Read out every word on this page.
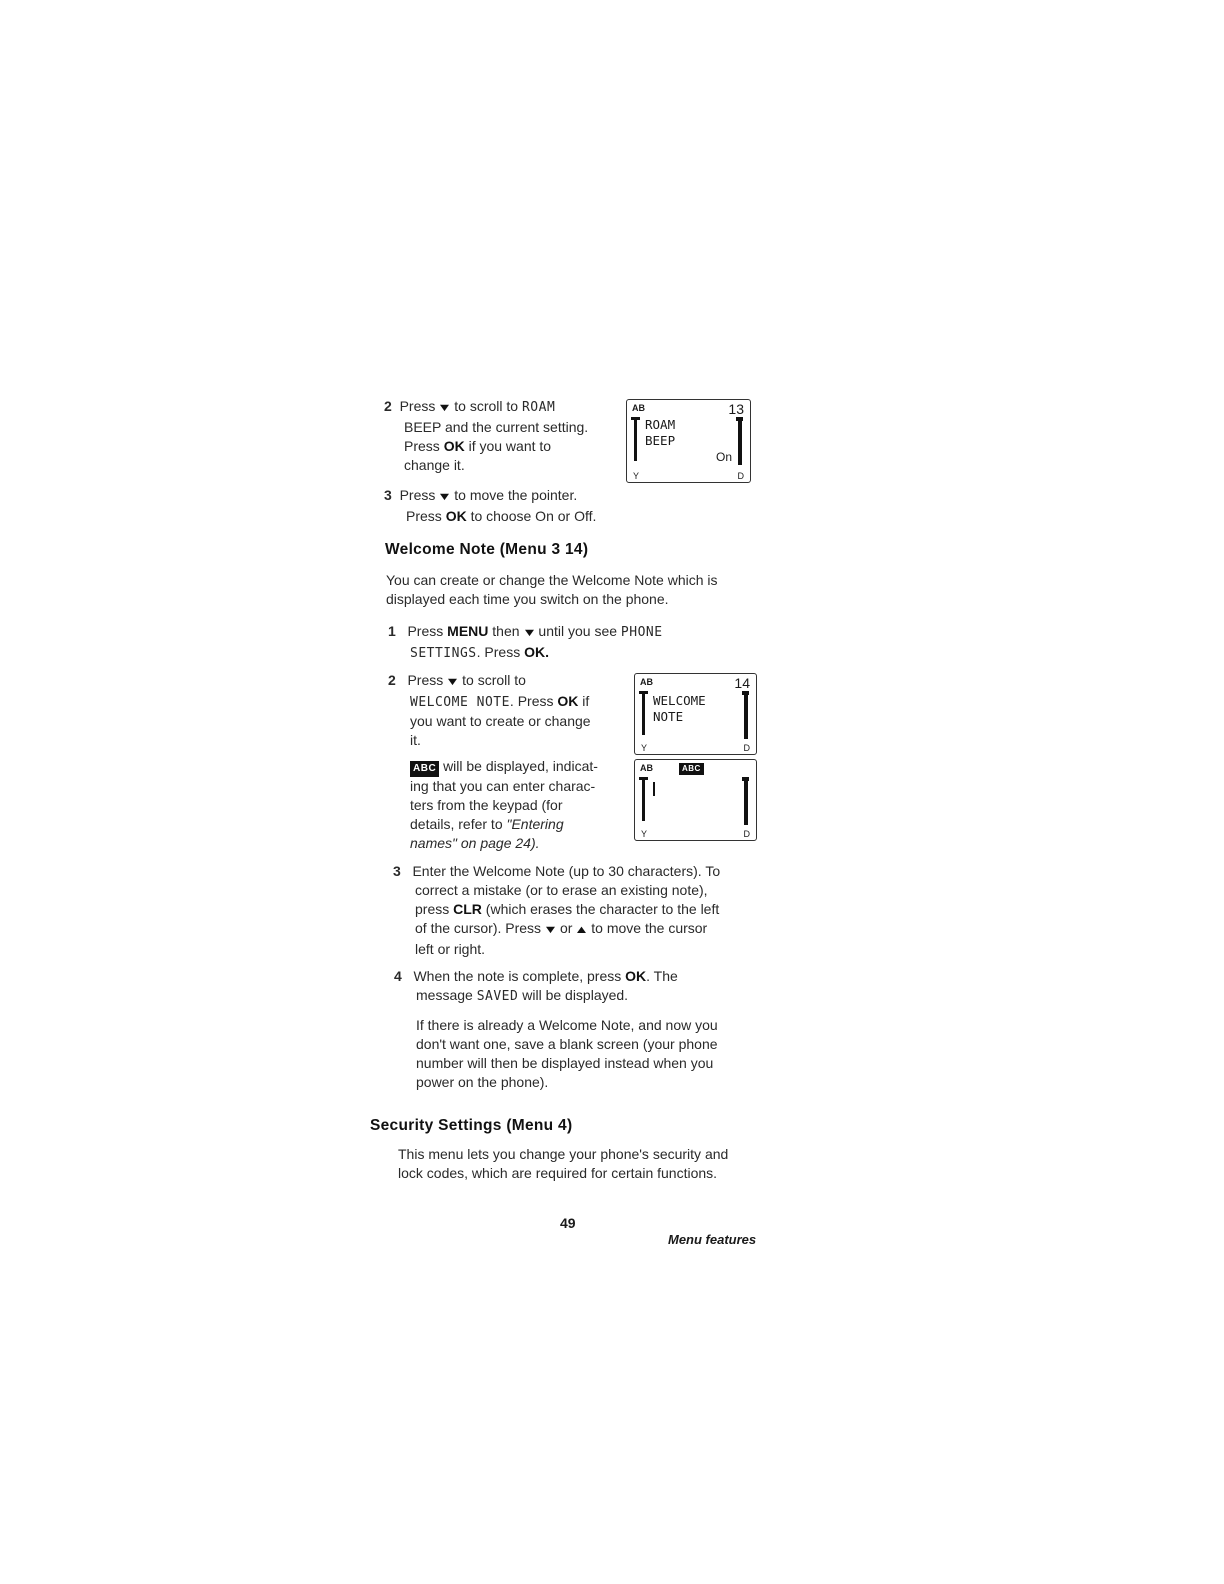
2 Press ▼ to scroll to ROAM
BEEP and the current setting.
Press OK if you want to
change it.
AB	13
ROAM
BEEP
On
Y	D
3 Press ▼ to move the pointer.
Press OK to choose On or Off.
Welcome Note (Menu 3 14)
You can create or change the Welcome Note which is
displayed each time you switch on the phone.
1 Press MENU then ▼ until you see PHONE
SETTINGS. Press OK.
2 Press ▼ to scroll to
WELCOME NOTE. Press OK if
you want to create or change
it.
AB	14
WELCOME
NOTE
Y	D
ABC will be displayed, indicat-
ing that you can enter charac-
ters from the keypad (for
details, refer to "Entering
names" on page 24).
AB	ABC
Y	D
3 Enter the Welcome Note (up to 30 characters). To
correct a mistake (or to erase an existing note),
press CLR (which erases the character to the left
of the cursor). Press ▼ or ▲ to move the cursor
left or right.
4 When the note is complete, press OK. The
message SAVED will be displayed.
If there is already a Welcome Note, and now you
don't want one, save a blank screen (your phone
number will then be displayed instead when you
power on the phone).
Security Settings (Menu 4)
This menu lets you change your phone's security and
lock codes, which are required for certain functions.
49
Menu features
